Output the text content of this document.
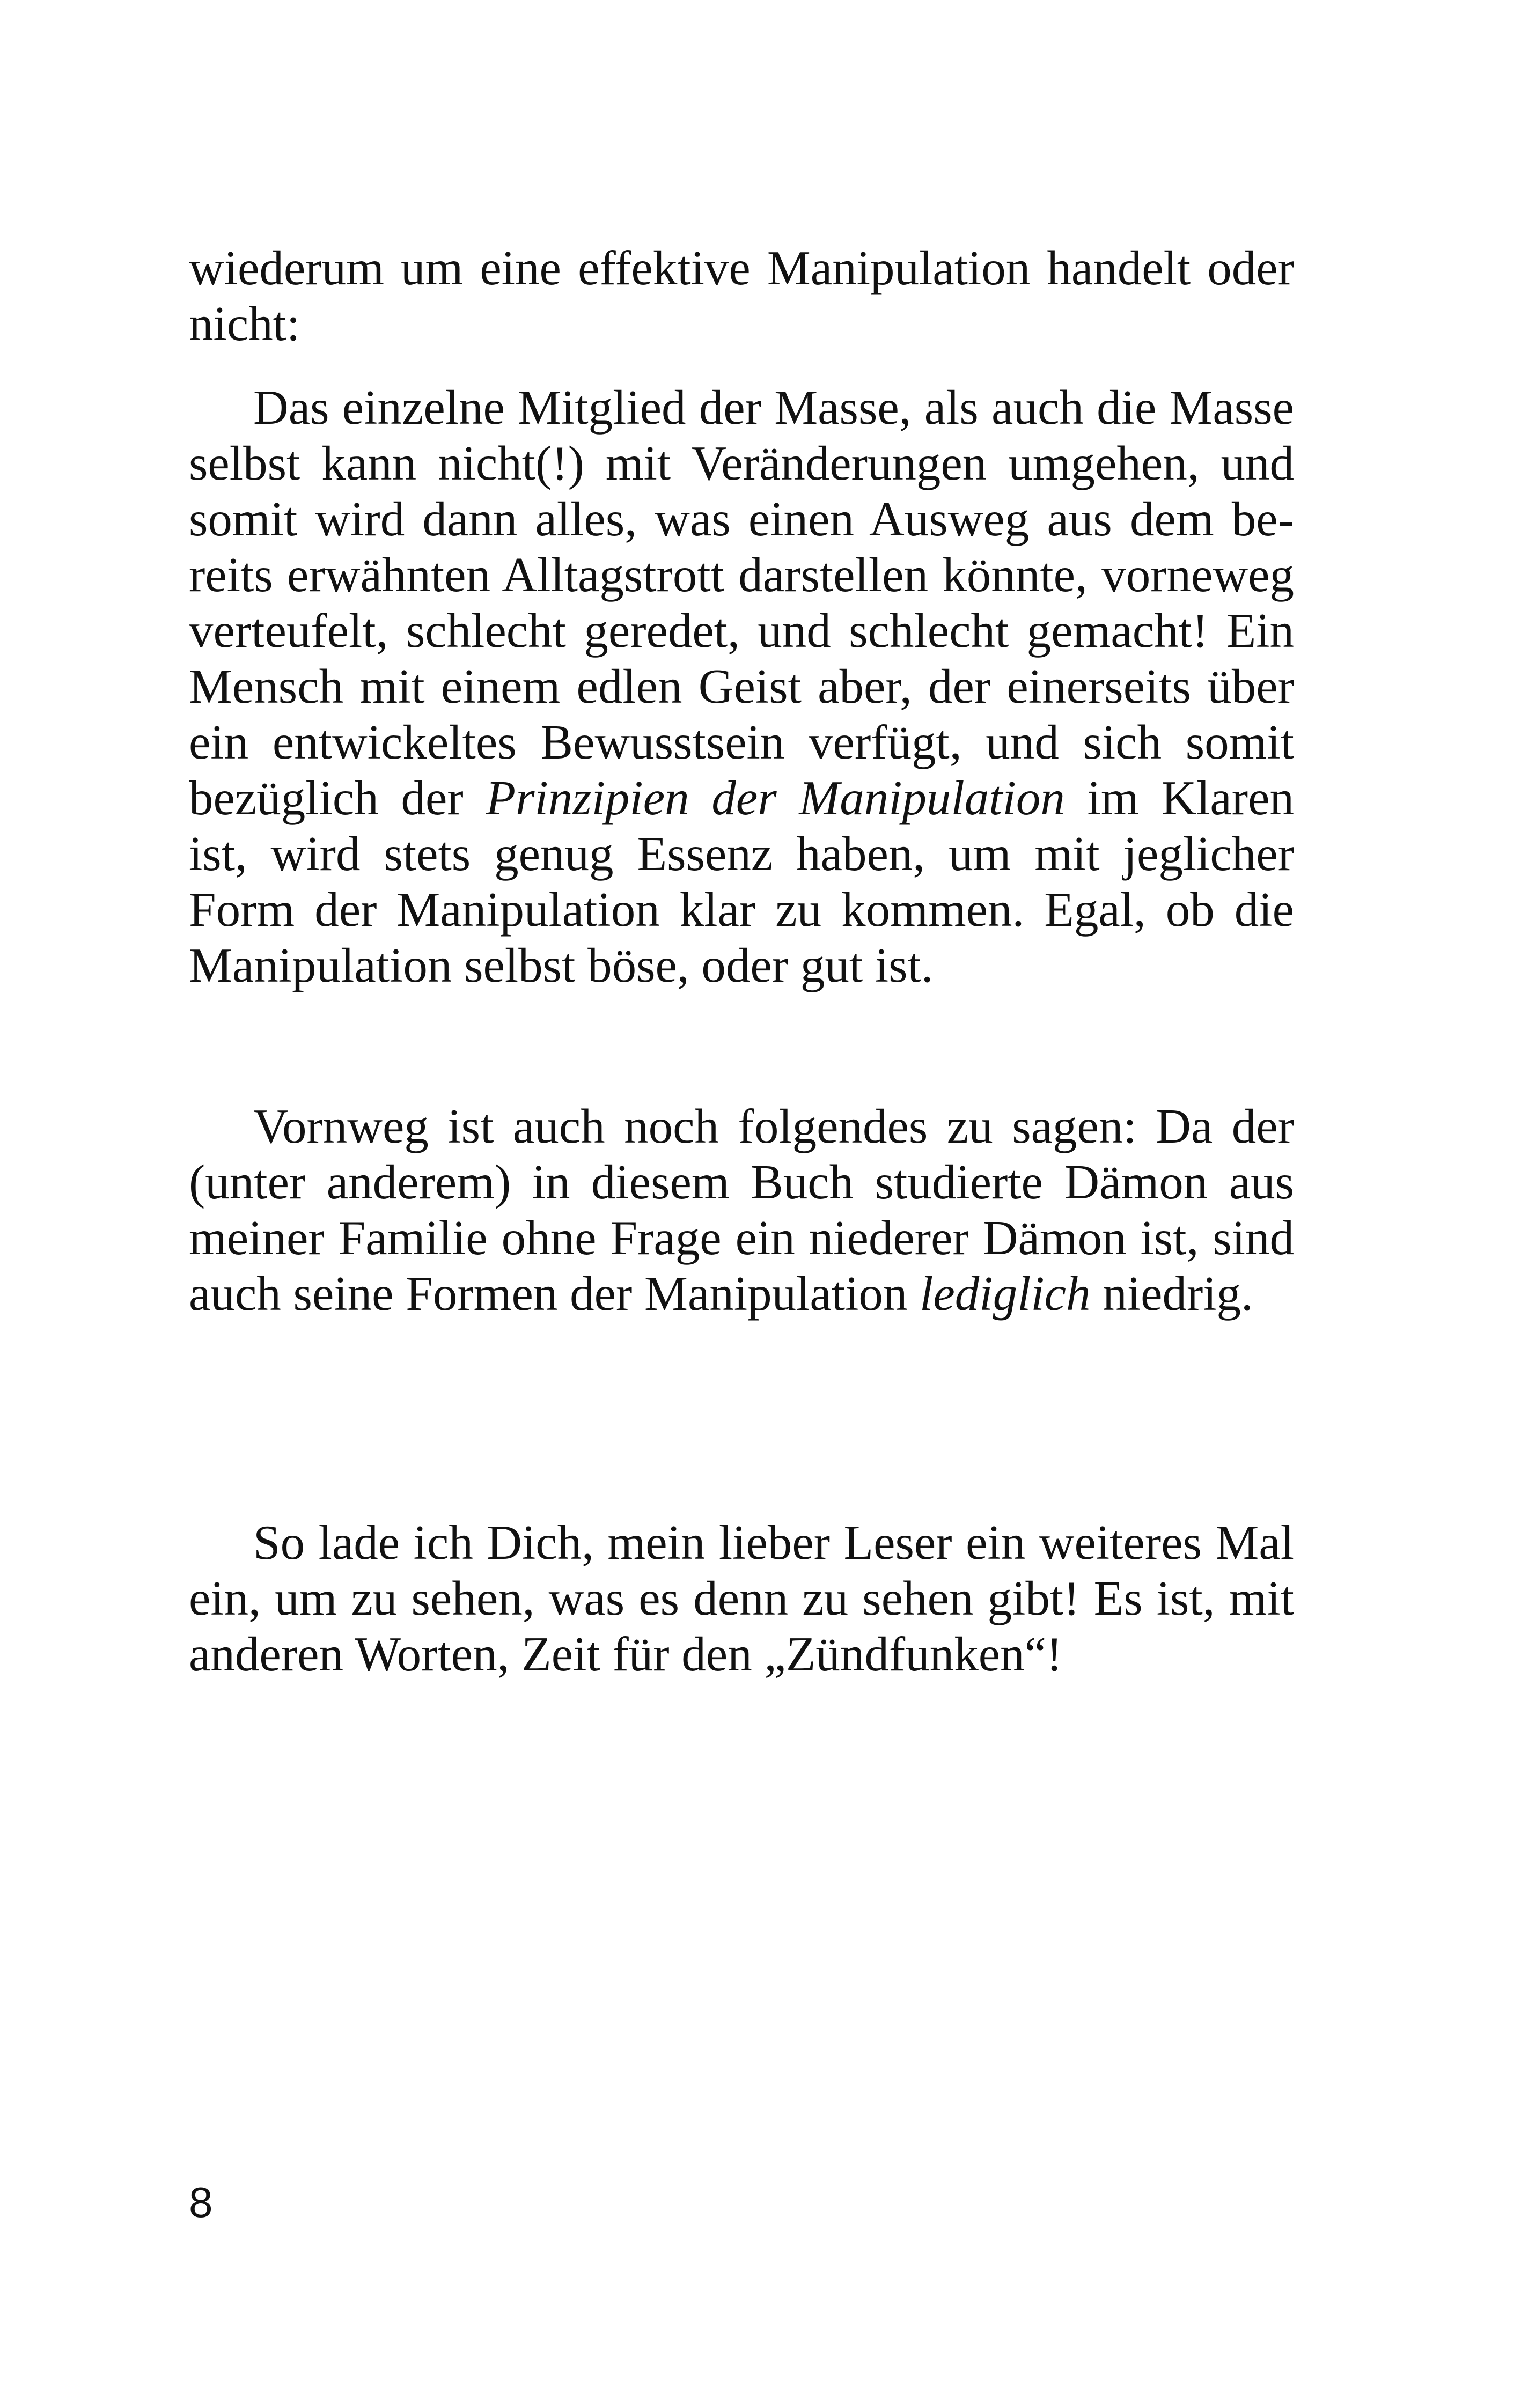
wiederum um eine effektive Manipulation handelt oder nicht:

Das einzelne Mitglied der Masse, als auch die Masse selbst kann nicht(!) mit Veränderungen umgehen, und somit wird dann alles, was einen Ausweg aus dem bereits erwähnten Alltagstrott darstellen könnte, vorneweg verteufelt, schlecht geredet, und schlecht gemacht! Ein Mensch mit einem edlen Geist aber, der einerseits über ein entwickeltes Bewusstsein verfügt, und sich somit bezüglich der Prinzipien der Manipulation im Klaren ist, wird stets genug Essenz haben, um mit jeglicher Form der Manipulation klar zu kommen. Egal, ob die Manipulation selbst böse, oder gut ist.

Vornweg ist auch noch folgendes zu sagen: Da der (unter anderem) in diesem Buch studierte Dämon aus meiner Familie ohne Frage ein niederer Dämon ist, sind auch seine Formen der Manipulation lediglich niedrig.

So lade ich Dich, mein lieber Leser ein weiteres Mal ein, um zu sehen, was es denn zu sehen gibt! Es ist, mit anderen Worten, Zeit für den „Zündfunken“!

8
